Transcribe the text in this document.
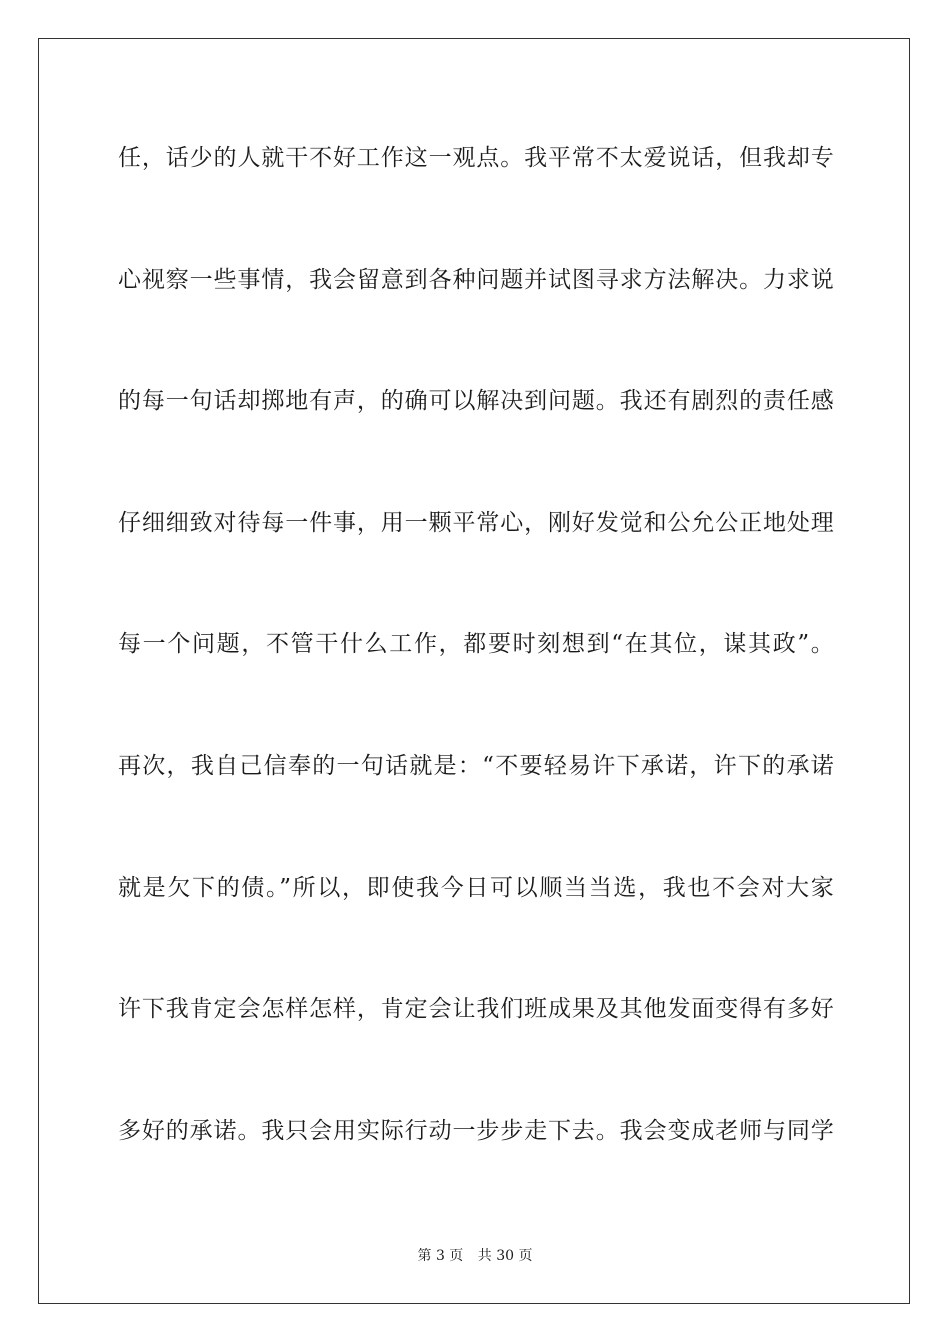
任，话少的人就干不好工作这一观点。我平常不太爱说话，但我却专
心视察一些事情，我会留意到各种问题并试图寻求方法解决。力求说
的每一句话却掷地有声，的确可以解决到问题。我还有剧烈的责任感
仔细细致对待每一件事，用一颗平常心，刚好发觉和公允公正地处理
每一个问题，不管干什么工作，都要时刻想到“在其位，谋其政”。
再次，我自己信奉的一句话就是：“不要轻易许下承诺，许下的承诺
就是欠下的债。”所以，即使我今日可以顺当当选，我也不会对大家
许下我肯定会怎样怎样，肯定会让我们班成果及其他发面变得有多好
多好的承诺。我只会用实际行动一步步走下去。我会变成老师与同学
第 3 页 共 30 页
